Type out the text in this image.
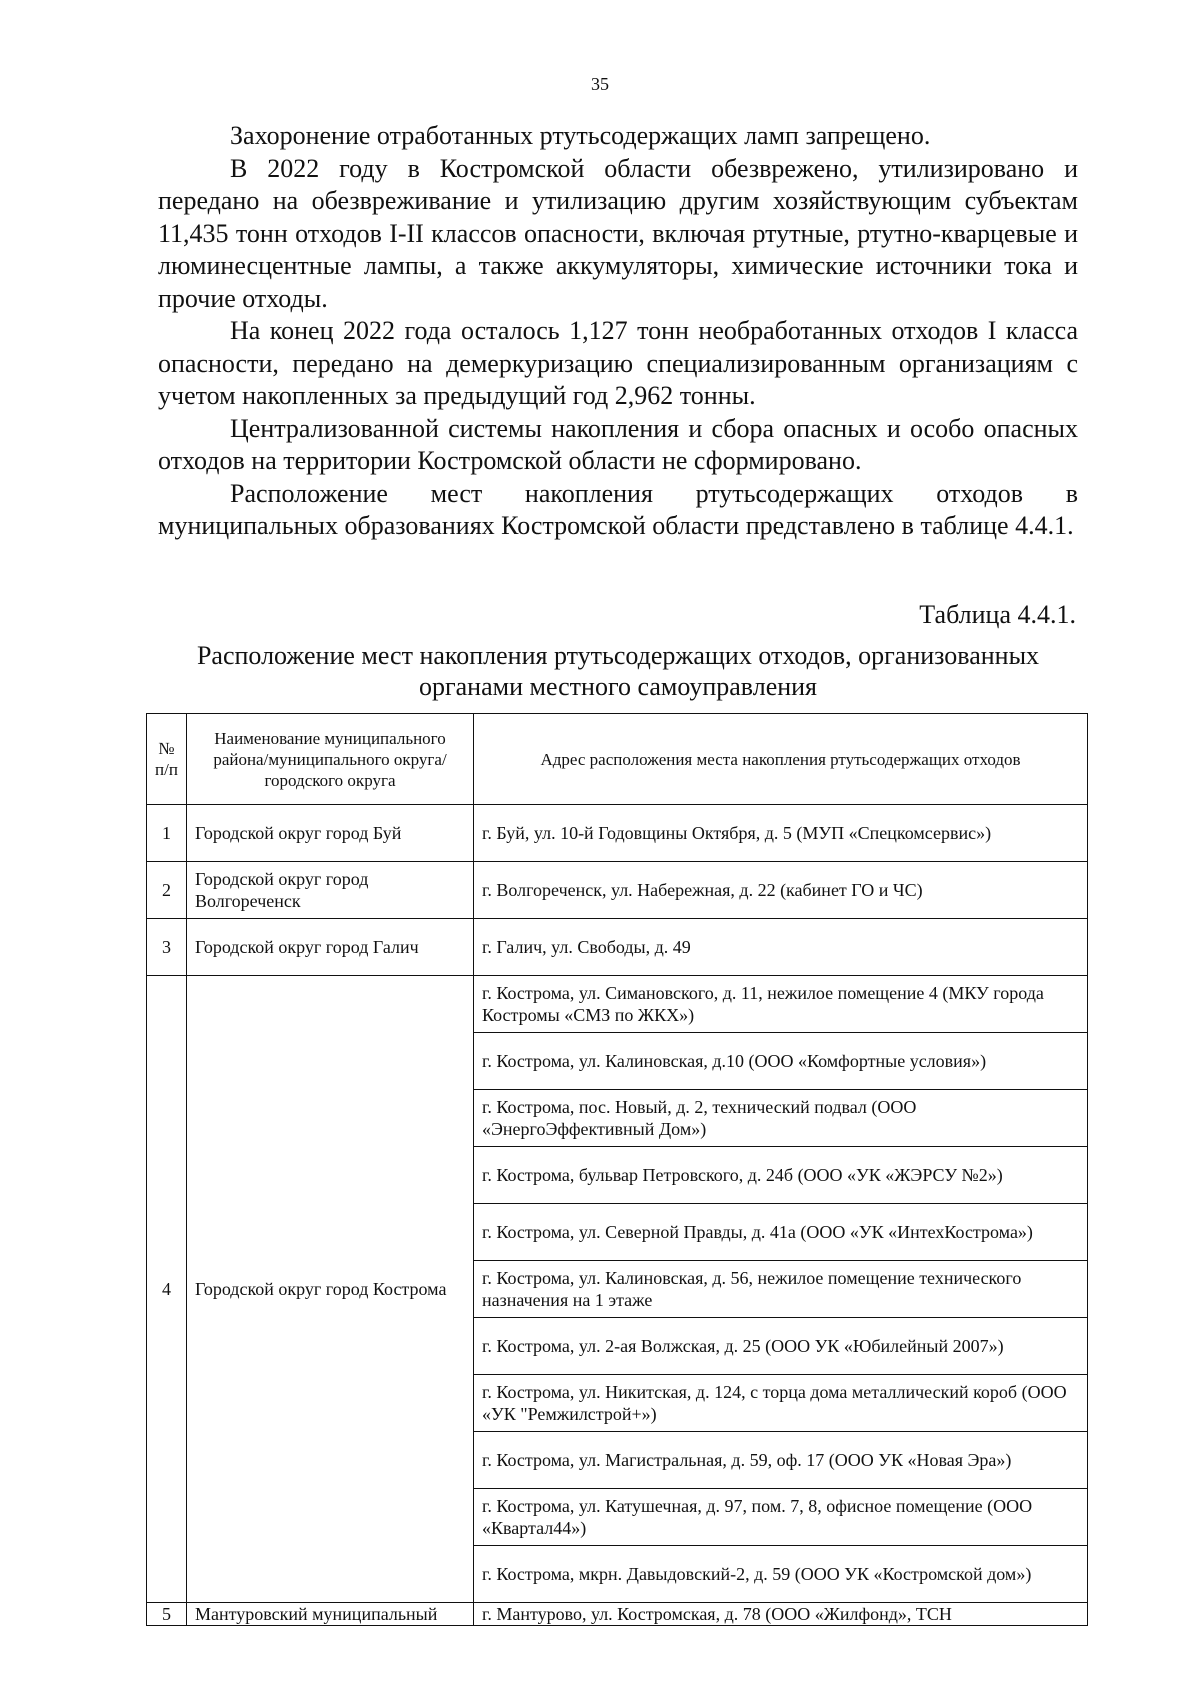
35

Захоронение отработанных ртутьсодержащих ламп запрещено.

В 2022 году в Костромской области обезврежено, утилизировано и передано на обезвреживание и утилизацию другим хозяйствующим субъектам 11,435 тонн отходов I-II классов опасности, включая ртутные, ртутно-кварцевые и люминесцентные лампы, а также аккумуляторы, химические источники тока и прочие отходы.

На конец 2022 года осталось 1,127 тонн необработанных отходов I класса опасности, передано на демеркуризацию специализированным организациям с учетом накопленных за предыдущий год 2,962 тонны.

Централизованной системы накопления и сбора опасных и особо опасных отходов на территории Костромской области не сформировано.

Расположение мест накопления ртутьсодержащих отходов в муниципальных образованиях Костромской области представлено в таблице 4.4.1.

Таблица 4.4.1.
Расположение мест накопления ртутьсодержащих отходов, организованных органами местного самоуправления
№ п/п	Наименование муниципального района/муниципального округа/городского округа	Адрес расположения места накопления ртутьсодержащих отходов
1	Городской округ город Буй	г. Буй, ул. 10-й Годовщины Октября, д. 5 (МУП «Спецкомсервис»)
2	Городской округ город Волгореченск	г. Волгореченск, ул. Набережная, д. 22 (кабинет ГО и ЧС)
3	Городской округ город Галич	г. Галич, ул. Свободы, д. 49
4	Городской округ город Кострома	г. Кострома, ул. Симановского, д. 11, нежилое помещение 4 (МКУ города Костромы «СМЗ по ЖКХ»)
		г. Кострома, ул. Калиновская, д.10 (ООО «Комфортные условия»)
		г. Кострома, пос. Новый, д. 2, технический подвал (ООО «ЭнергоЭффективный Дом»)
		г. Кострома, бульвар Петровского, д. 24б (ООО «УК «ЖЭРСУ №2»)
		г. Кострома, ул. Северной Правды, д. 41а (ООО «УК «ИнтехКострома»)
		г. Кострома, ул. Калиновская, д. 56, нежилое помещение технического назначения на 1 этаже
		г. Кострома, ул. 2-ая Волжская, д. 25 (ООО УК «Юбилейный 2007»)
		г. Кострома, ул. Никитская, д. 124, с торца дома металлический короб (ООО «УК "Ремжилстрой+»)
		г. Кострома, ул. Магистральная, д. 59, оф. 17 (ООО УК «Новая Эра»)
		г. Кострома, ул. Катушечная, д. 97, пом. 7, 8, офисное помещение (ООО «Квартал44»)
		г. Кострома, мкрн. Давыдовский-2, д. 59 (ООО УК «Костромской дом»)
5	Мантуровский муниципальный	г. Мантурово, ул. Костромская, д. 78 (ООО «Жилфонд», ТСН
